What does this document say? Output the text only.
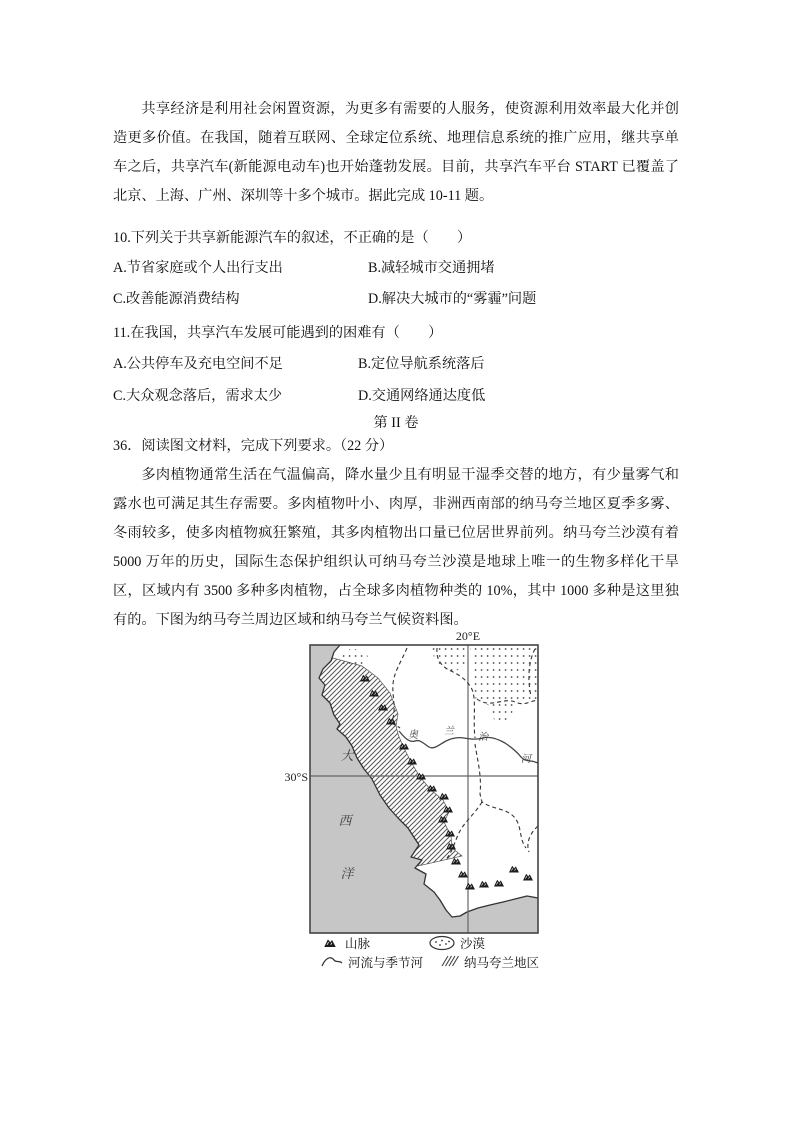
共享经济是利用社会闲置资源，为更多有需要的人服务，使资源利用效率最大化并创造更多价值。在我国，随着互联网、全球定位系统、地理信息系统的推广应用，继共享单车之后，共享汽车(新能源电动车)也开始蓬勃发展。目前，共享汽车平台 START 已覆盖了北京、上海、广州、深圳等十多个城市。据此完成 10-11 题。

10.下列关于共享新能源汽车的叙述，不正确的是（　　）

A.节省家庭或个人出行支出	B.减轻城市交通拥堵
C.改善能源消费结构	D.解决大城市的“雾霾”问题

11.在我国，共享汽车发展可能遇到的困难有（　　）

A.公共停车及充电空间不足	B.定位导航系统落后
C.大众观念落后，需求太少	D.交通网络通达度低

第 II 卷

36．阅读图文材料，完成下列要求。（22 分）

多肉植物通常生活在气温偏高，降水量少且有明显干湿季交替的地方，有少量雾气和露水也可满足其生存需要。多肉植物叶小、肉厚，非洲西南部的纳马夸兰地区夏季多雾、冬雨较多，使多肉植物疯狂繁殖，其多肉植物出口量已位居世界前列。纳马夸兰沙漠有着 5000 万年的历史，国际生态保护组织认可纳马夸兰沙漠是地球上唯一的生物多样化干旱区，区域内有 3500 多种多肉植物，占全球多肉植物种类的 10%，其中 1000 多种是这里独有的。下图为纳马夸兰周边区域和纳马夸兰气候资料图。

20°E
30°S
大
西
洋
奥	兰
治
河
山脉	沙漠
河流与季节河	纳马夸兰地区
